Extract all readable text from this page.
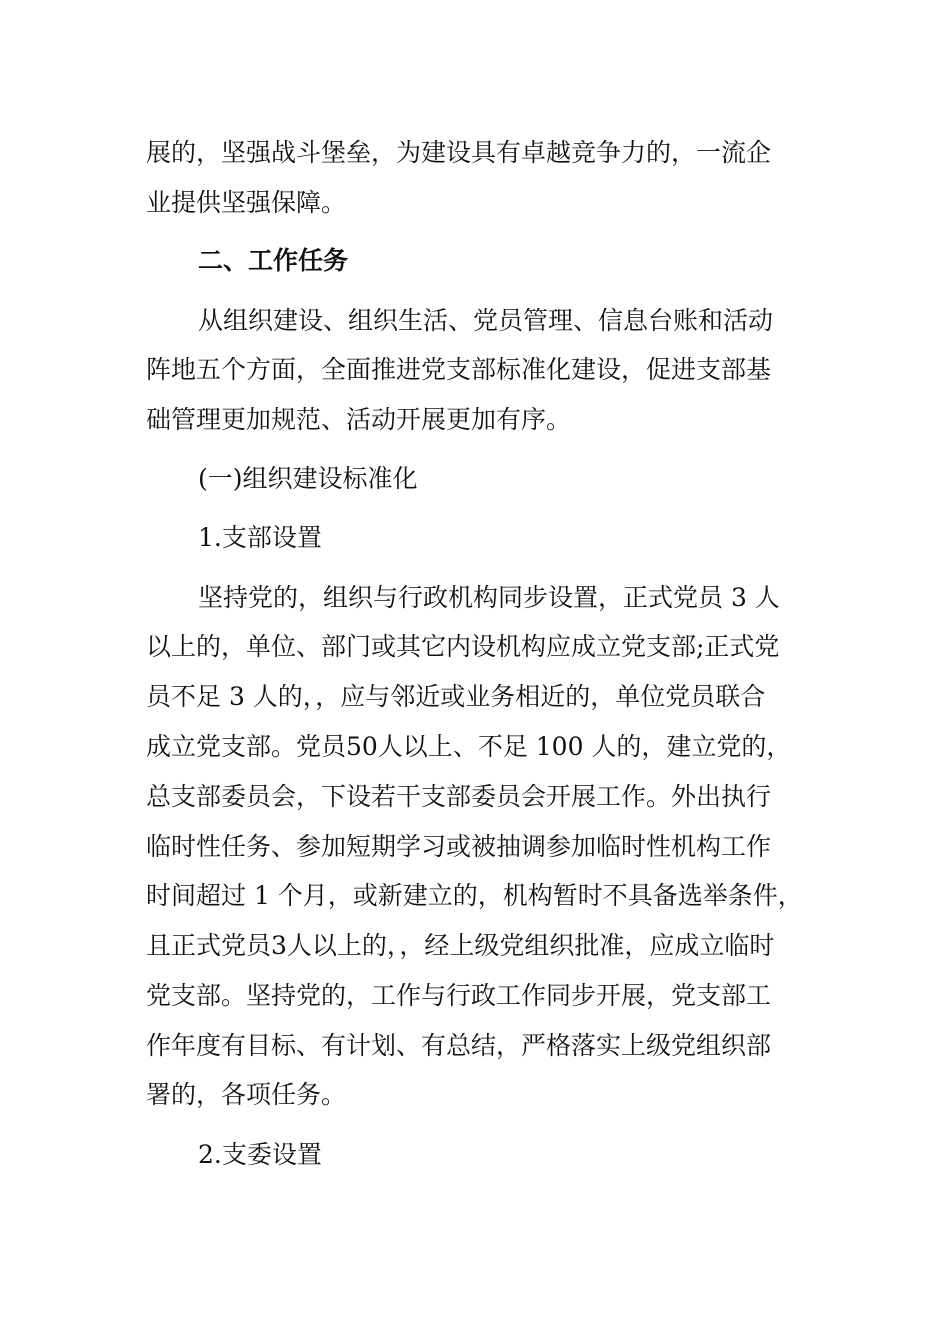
展的，坚强战斗堡垒，为建设具有卓越竞争力的，一流企
业提供坚强保障。
二、工作任务
从组织建设、组织生活、党员管理、信息台账和活动
阵地五个方面，全面推进党支部标准化建设，促进支部基
础管理更加规范、活动开展更加有序。
(一)组织建设标准化
1.支部设置
坚持党的，组织与行政机构同步设置，正式党员 3 人
以上的，单位、部门或其它内设机构应成立党支部;正式党
员不足 3 人的，，应与邻近或业务相近的，单位党员联合
成立党支部。党员50人以上、不足 100 人的，建立党的，
总支部委员会，下设若干支部委员会开展工作。外出执行
临时性任务、参加短期学习或被抽调参加临时性机构工作
时间超过 1 个月，或新建立的，机构暂时不具备选举条件，
且正式党员3人以上的，，经上级党组织批准，应成立临时
党支部。坚持党的，工作与行政工作同步开展，党支部工
作年度有目标、有计划、有总结，严格落实上级党组织部
署的，各项任务。
2.支委设置
